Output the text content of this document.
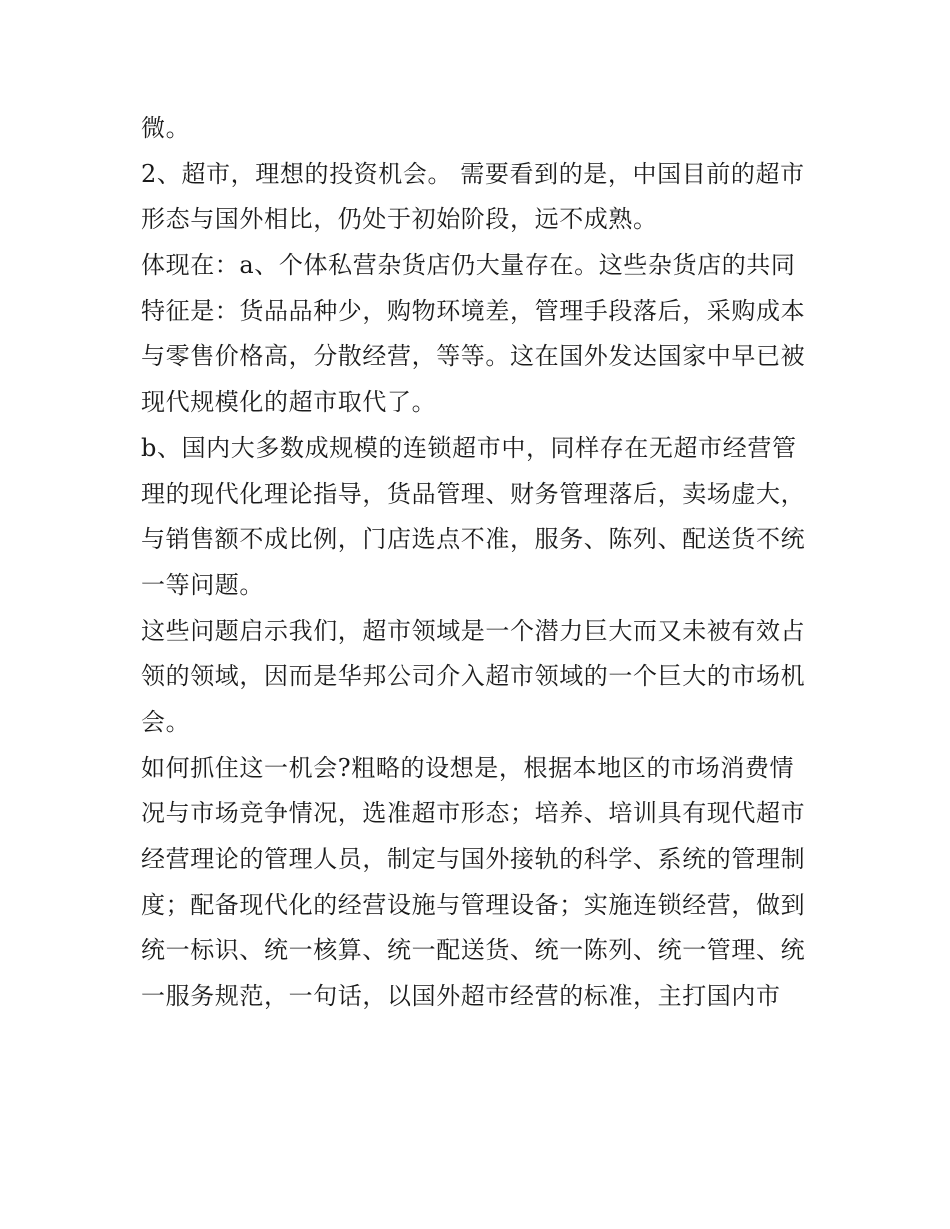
微。
2、超市，理想的投资机会。 需要看到的是，中国目前的超市
形态与国外相比，仍处于初始阶段，远不成熟。
体现在：a、个体私营杂货店仍大量存在。这些杂货店的共同
特征是：货品品种少，购物环境差，管理手段落后，采购成本
与零售价格高，分散经营，等等。这在国外发达国家中早已被
现代规模化的超市取代了。
b、国内大多数成规模的连锁超市中，同样存在无超市经营管
理的现代化理论指导，货品管理、财务管理落后，卖场虚大，
与销售额不成比例，门店选点不准，服务、陈列、配送货不统
一等问题。
这些问题启示我们，超市领域是一个潜力巨大而又未被有效占
领的领域，因而是华邦公司介入超市领域的一个巨大的市场机
会。
如何抓住这一机会?粗略的设想是，根据本地区的市场消费情
况与市场竞争情况，选准超市形态；培养、培训具有现代超市
经营理论的管理人员，制定与国外接轨的科学、系统的管理制
度；配备现代化的经营设施与管理设备；实施连锁经营，做到
统一标识、统一核算、统一配送货、统一陈列、统一管理、统
一服务规范，一句话，以国外超市经营的标准，主打国内市
